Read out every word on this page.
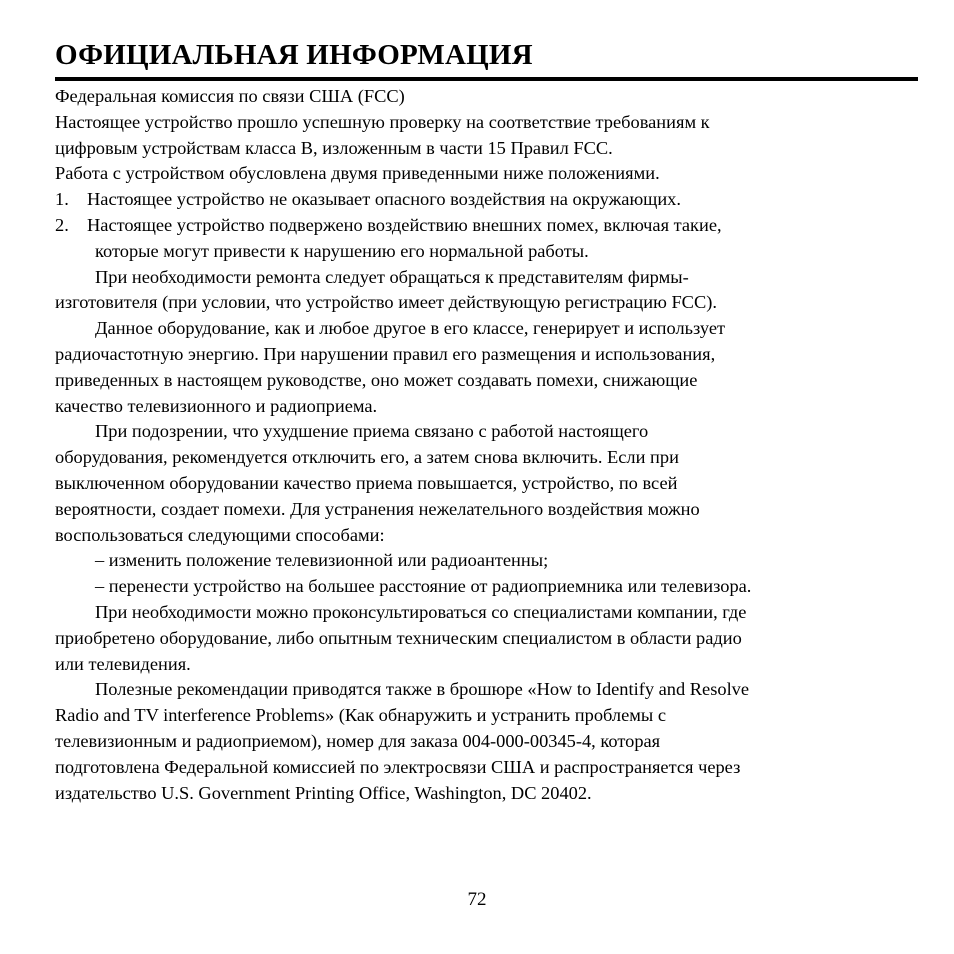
ОФИЦИАЛЬНАЯ ИНФОРМАЦИЯ
Федеральная комиссия по связи США (FCC)
Настоящее устройство прошло успешную проверку на соответствие требованиям к
цифровым устройствам класса B, изложенным в части 15 Правил FCC.
Работа с устройством обусловлена двумя приведенными ниже положениями.
1. Настоящее устройство не оказывает опасного воздействия на окружающих.
2. Настоящее устройство подвержено воздействию внешних помех, включая такие,
которые могут привести к нарушению его нормальной работы.
При необходимости ремонта следует обращаться к представителям фирмы-
изготовителя (при условии, что устройство имеет действующую регистрацию FCC).
Данное оборудование, как и любое другое в его классе, генерирует и использует
радиочастотную энергию. При нарушении правил его размещения и использования,
приведенных в настоящем руководстве, оно может создавать помехи, снижающие
качество телевизионного и радиоприема.
При подозрении, что ухудшение приема связано с работой настоящего
оборудования, рекомендуется отключить его, а затем снова включить. Если при
выключенном оборудовании качество приема повышается, устройство, по всей
вероятности, создает помехи. Для устранения нежелательного воздействия можно
воспользоваться следующими способами:
– изменить положение телевизионной или радиоантенны;
– перенести устройство на большее расстояние от радиоприемника или телевизора.
При необходимости можно проконсультироваться со специалистами компании, где
приобретено оборудование, либо опытным техническим специалистом в области радио
или телевидения.
Полезные рекомендации приводятся также в брошюре «How to Identify and Resolve
Radio and TV interference Problems» (Как обнаружить и устранить проблемы с
телевизионным и радиоприемом), номер для заказа 004-000-00345-4, которая
подготовлена Федеральной комиссией по электросвязи США и распространяется через
издательство U.S. Government Printing Office, Washington, DC 20402.
72
